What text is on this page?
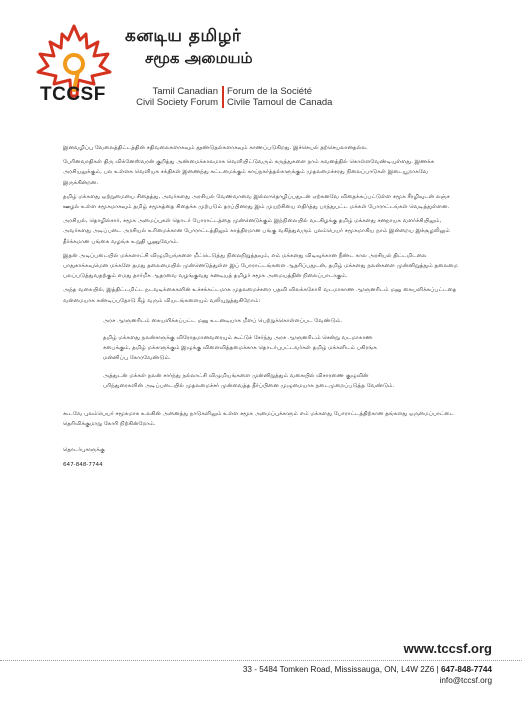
கனடிய தமிழர்
சமூக அமையம்
TCCSF	Tamil Canadian
Civil Society Forum
Forum de la Société
Civile Tamoul de Canada

இனவழிப்பு வேலைத்திட்டத்தின் சதிவலைகளாகவும் தூண்டுதல்களாகவும் காணப்படுகிறது. இச்செயல் தற்செயலானதல்ல.

பேரினவாதிகள் திரு விக்னேஸ்வரன் குறித்து அண்மைக்காலமாக வெளியிட்டுவரும் கருத்துகளை நாம் கவனத்தில் கொள்ளவேண்டியுள்ளது. இணக்க அரசியலுக்கும், பல உள்ளக வெளியக சக்திகள் இணைந்து கட்டமைக்கும் காய்நகர்த்தல்களுக்கும் முதலமைச்சரது நிலைப்பாடுகள் இடையூறாகவே இருக்கின்றன.

தமிழ் மக்களது ஒற்றுமையை சிதைத்து, அவர்களது அரசியல் வேணவாவை இல்லாதொழிப்பதுடன் ஏற்கனவே விதைக்கப்பட்டுள்ள சமூக சீரழிவுடன் லஞ்ச ஊழல் உள்ள சமூகமாகவும் தமிழ் சமூகத்தை சிதைக்க முற்படும் தரப்பினரது இம் முயற்சியை எதிர்த்து பரந்துபட்ட மக்கள் போராட்டங்கள் வெடித்துள்ளன.

அரசியல், தொழில்சார், சமூக அமைப்புகள் தொடர் போராட்டத்தை முன்னெடுக்கும் இந்நிலையில் வடகிழக்கு தமிழ் மக்களது சனநாயக வளர்ச்சியிலும், அவர்களது அடிப்படை அரசியல் உரிமைக்கான போராட்டத்திலும் காத்திரமான பங்கு வகித்துவரும் புலம்பெயர் சமூகமாகிய நாம் இன்றைய இச்சூழலிலும் தீர்க்கமான பங்கை வழங்க உறுதி பூணுவோம்.

இதன் அடிப்படையில் மக்களாட்சி விழுமியங்களை மீட்டெடுத்து நிலைநிறுத்தவும், எம் மக்களது விடிவுக்கான நீண்ட கால அரசியல் திட்டமிடலை பாதுகாக்கவுமென மக்களே தமது தலைமையில் முன்னெடுத்துள்ள இப் போராட்டங்களை ஆதரிப்பதுடன், தமிழ் மக்களது நலன்களை முன்னிறுத்தும் தலைமை பலப்படுத்துவதற்கும் எமது தார்மீக ஆதரவை வழங்குவது கனடியத் தமிழர் சமூக அமையத்தின் நிலைப்பாடாகும்.

அந்த வகையில், இத்திட்டமிட்ட நடவடிக்கைகளின் உச்சக்கட்டமாக முதலமைச்சரை பதவி விலக்ககோரி வடமாகாண ஆளுனரிடம் மனு கையளிக்கப்பட்டதை வன்மையாக கண்டிப்பதோடு கீழ் வரும் வியடங்களையும் வலியுறுத்துகிறோம்:

அரச ஆளுனரிடம் கையளிக்கப்பட்ட மனு உடனடியாக மீளப் பெற்றுக்கொள்ளப்பட வேண்டும்.

தமிழ் மக்களது நலன்களுக்கு விரோதமானவரையும் கூட்டுச் சேர்ந்து அரச ஆளுனரிடம் சென்று வடமாகாண சபைக்கும், தமிழ் மக்களுக்கும் இழுக்கு விளைவித்தமைக்காக தொடர்புபட்டவர்கள் தமிழ் மக்களிடம் பகிரங்க மன்னிப்பு கோரவேண்டும்.

அத்துடன் மக்கள் நலன் சார்ந்து நல்லாட்சி விழுமியங்களை முன்னிறுத்தும் வகையில் விசாரணை குழுவின் பரிந்துரைகளின் அடிப்படையில் முதலமைச்சர் முன்வைத்த தீர்ப்பினை முழுமையாக நடைமுறைப்படுத்த வேண்டும்.

கூடவே புலம்பெயர் சமூகமாக உலகின் அனைத்து நாடுகளிலும் உள்ள சமூக அமைப்புக்களும் எம் மக்களது போராட்டத்திற்கான தங்களது ஒருமைப்பாட்டை தெரிவிக்குமாறு கோரி நிற்கின்றோம்.

தொடர்புகளுக்கு

647-848-7744

www.tccsf.org
33 - 5484 Tomken Road, Mississauga, ON, L4W 2Z6 | 647-848-7744
info@tccsf.org
